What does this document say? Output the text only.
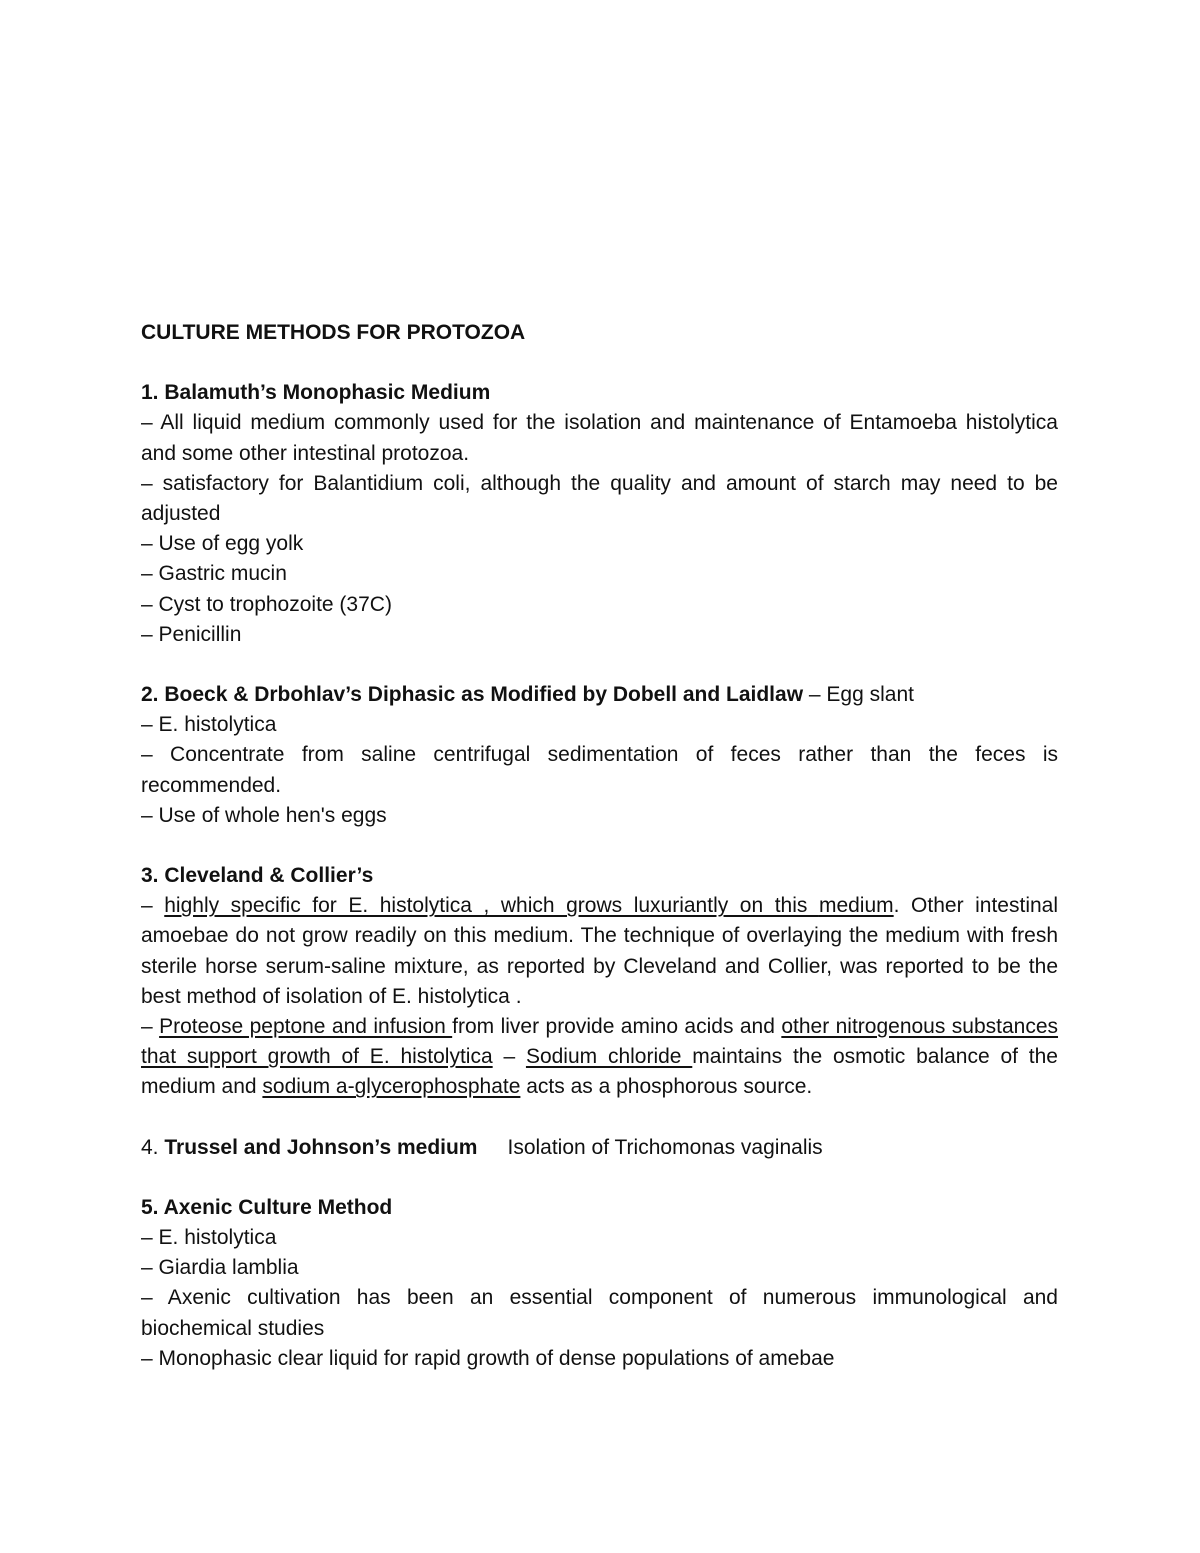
CULTURE METHODS FOR PROTOZOA

1. Balamuth’s Monophasic Medium
– All liquid medium commonly used for the isolation and maintenance of Entamoeba histolytica and some other intestinal protozoa.
– satisfactory for Balantidium coli, although the quality and amount of starch may need to be adjusted
– Use of egg yolk
– Gastric mucin
– Cyst to trophozoite (37C)
– Penicillin
2. Boeck & Drbohlav’s Diphasic as Modified by Dobell and Laidlaw – Egg slant
– E. histolytica
– Concentrate from saline centrifugal sedimentation of feces rather than the feces is recommended.
– Use of whole hen's eggs
3. Cleveland & Collier’s
– highly specific for E. histolytica , which grows luxuriantly on this medium. Other intestinal amoebae do not grow readily on this medium. The technique of overlaying the medium with fresh sterile horse serum-saline mixture, as reported by Cleveland and Collier, was reported to be the best method of isolation of E. histolytica .
– Proteose peptone and infusion from liver provide amino acids and other nitrogenous substances that support growth of E. histolytica – Sodium chloride maintains the osmotic balance of the medium and sodium a-glycerophosphate acts as a phosphorous source.
4. Trussel and Johnson’s medium Isolation of Trichomonas vaginalis
5. Axenic Culture Method
– E. histolytica
– Giardia lamblia
– Axenic cultivation has been an essential component of numerous immunological and biochemical studies
– Monophasic clear liquid for rapid growth of dense populations of amebae
